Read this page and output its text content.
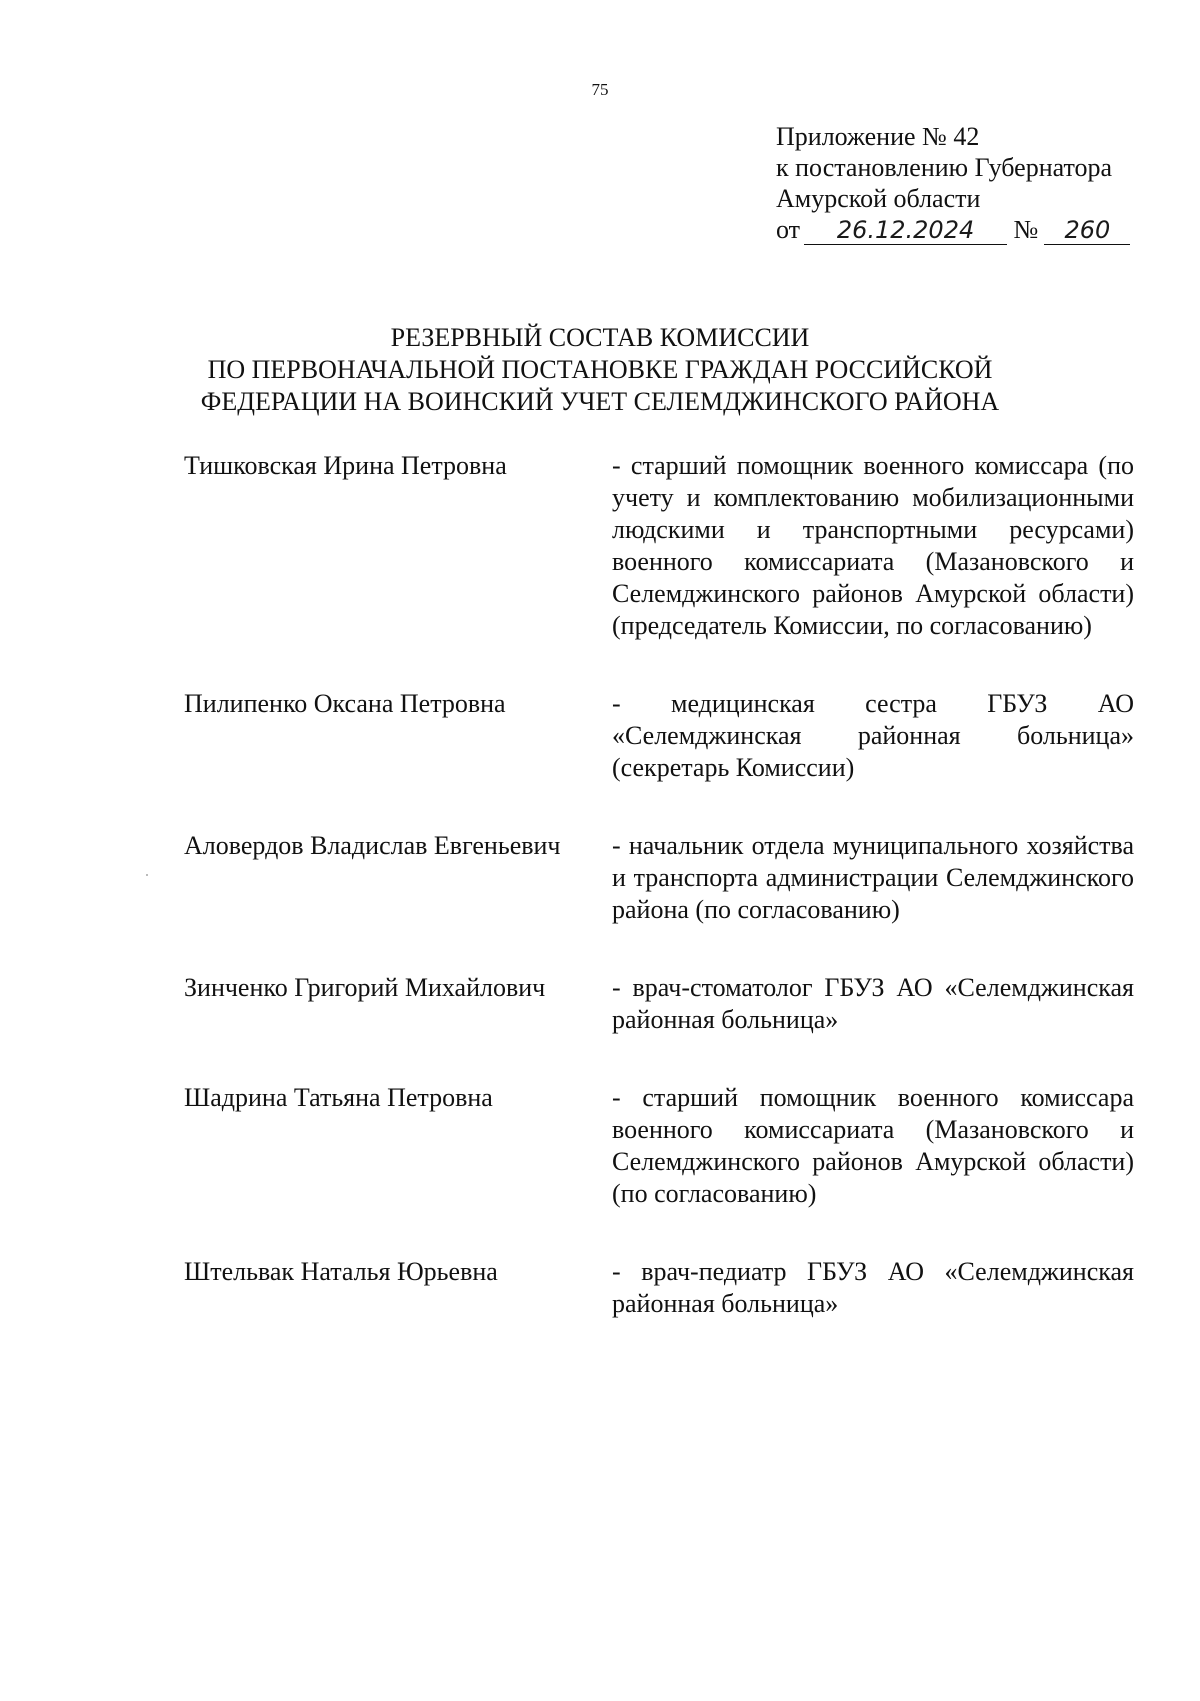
75
Приложение № 42
к постановлению Губернатора
Амурской области
от 26.12.2024 № 260
РЕЗЕРВНЫЙ СОСТАВ КОМИССИИ
ПО ПЕРВОНАЧАЛЬНОЙ ПОСТАНОВКЕ ГРАЖДАН РОССИЙСКОЙ
ФЕДЕРАЦИИ НА ВОИНСКИЙ УЧЕТ СЕЛЕМДЖИНСКОГО РАЙОНА
Тишковская Ирина Петровна	- старший помощник военного комиссара (по учету и комплектованию мобилизационными людскими и транспортными ресурсами) военного комиссариата (Мазановского и Селемджинского районов Амурской области) (председатель Комиссии, по согласованию)
Пилипенко Оксана Петровна	- медицинская сестра ГБУЗ АО «Селемджинская районная больница» (секретарь Комиссии)
Аловердов Владислав Евгеньевич	- начальник отдела муниципального хозяйства и транспорта администрации Селемджинского района (по согласованию)
Зинченко Григорий Михайлович	- врач-стоматолог ГБУЗ АО «Селемджинская районная больница»
Шадрина Татьяна Петровна	- старший помощник военного комиссара военного комиссариата (Мазановского и Селемджинского районов Амурской области) (по согласованию)
Штельвак Наталья Юрьевна	- врач-педиатр ГБУЗ АО «Селемджинская районная больница»
